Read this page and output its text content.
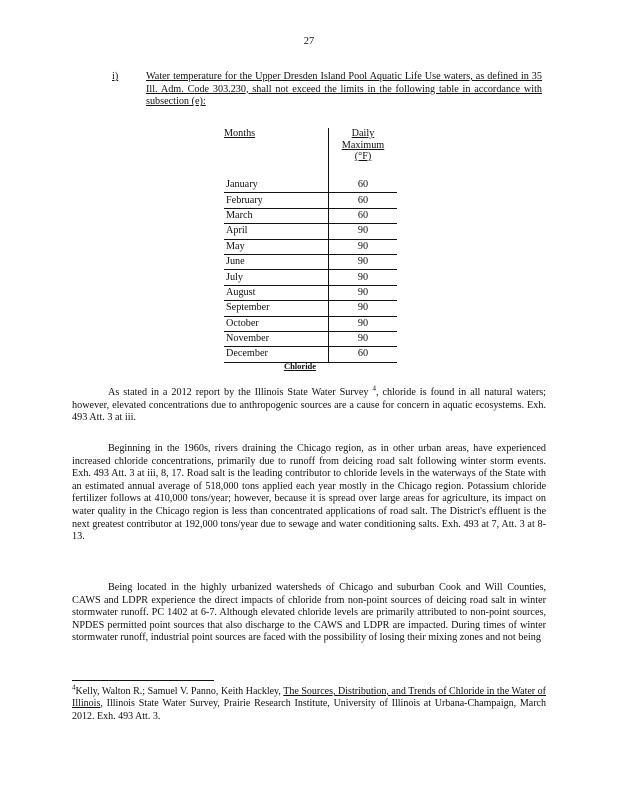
27
i)	Water temperature for the Upper Dresden Island Pool Aquatic Life Use waters, as defined in 35 Ill. Adm. Code 303.230, shall not exceed the limits in the following table in accordance with subsection (e):
Months	Daily
Maximum
(°F)

January	60
February	60
March	60
April	90
May	90
June	90
July	90
August	90
September	90
October	90
November	90
December	60
Chloride

As stated in a 2012 report by the Illinois State Water Survey $^4$, chloride is found in all natural waters; however, elevated concentrations due to anthropogenic sources are a cause for concern in aquatic ecosystems. Exh. 493 Att. 3 at iii.

Beginning in the 1960s, rivers draining the Chicago region, as in other urban areas, have experienced increased chloride concentrations, primarily due to runoff from deicing road salt following winter storm events. Exh. 493 Att. 3 at iii, 8, 17. Road salt is the leading contributor to chloride levels in the waterways of the State with an estimated annual average of 518,000 tons applied each year mostly in the Chicago region. Potassium chloride fertilizer follows at 410,000 tons/year; however, because it is spread over large areas for agriculture, its impact on water quality in the Chicago region is less than concentrated applications of road salt. The District's effluent is the next greatest contributor at 192,000 tons/year due to sewage and water conditioning salts. Exh. 493 at 7, Att. 3 at 8-13.

Being located in the highly urbanized watersheds of Chicago and suburban Cook and Will Counties, CAWS and LDPR experience the direct impacts of chloride from non-point sources of deicing road salt in winter stormwater runoff. PC 1402 at 6-7. Although elevated chloride levels are primarily attributed to non-point sources, NPDES permitted point sources that also discharge to the CAWS and LDPR are impacted. During times of winter stormwater runoff, industrial point sources are faced with the possibility of losing their mixing zones and not being

$^4$Kelly, Walton R.; Samuel V. Panno, Keith Hackley, The Sources, Distribution, and Trends of Chloride in the Water of Illinois, Illinois State Water Survey, Prairie Research Institute, University of Illinois at Urbana-Champaign, March 2012. Exh. 493 Att. 3.
